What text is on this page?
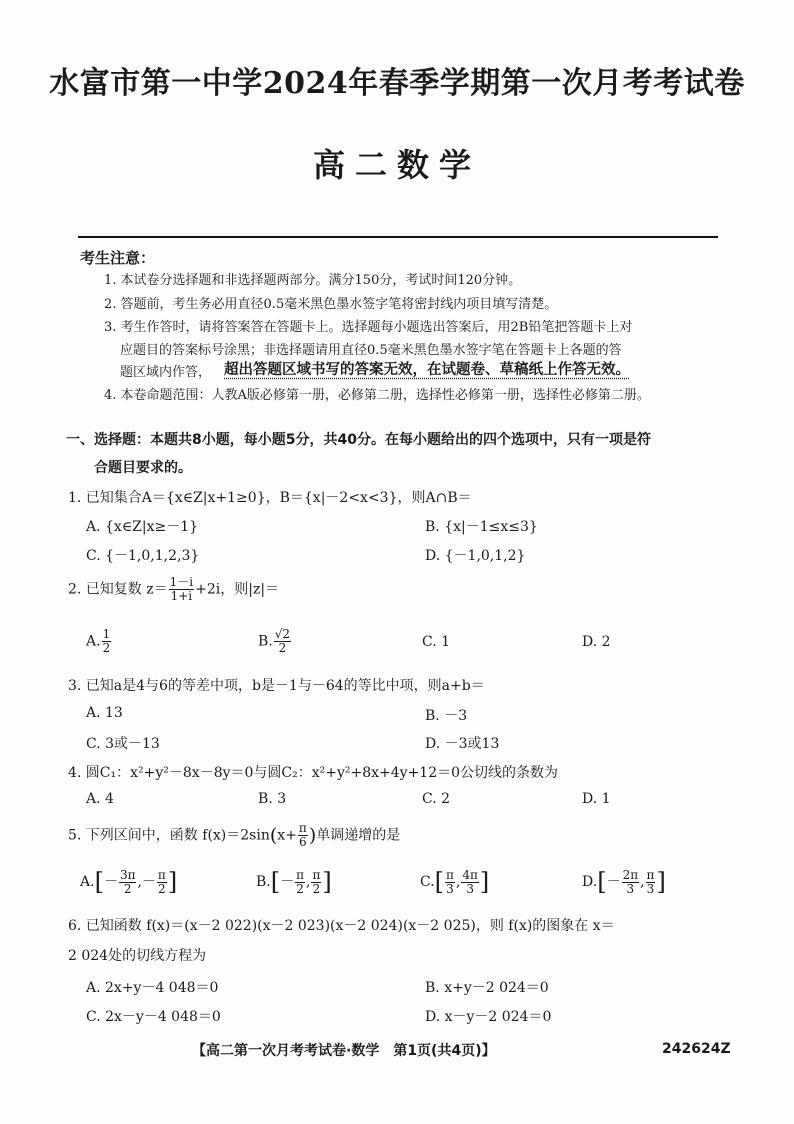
水富市第一中学2024年春季学期第一次月考考试卷
高二数学
考生注意：
1. 本试卷分选择题和非选择题两部分。满分150分，考试时间120分钟。
2. 答题前，考生务必用直径0.5毫米黑色墨水签字笔将密封线内项目填写清楚。
3. 考生作答时，请将答案答在答题卡上。选择题每小题选出答案后，用2B铅笔把答题卡上对
应题目的答案标号涂黑；非选择题请用直径0.5毫米黑色墨水签字笔在答题卡上各题的答
题区域内作答， 超出答题区域书写的答案无效，在试题卷、草稿纸上作答无效。
4. 本卷命题范围：人教A版必修第一册，必修第二册，选择性必修第一册，选择性必修第二册。
一、选择题：本题共8小题，每小题5分，共40分。在每小题给出的四个选项中，只有一项是符
合题目要求的。
1. 已知集合A＝{x∈Z|x+1≥0}，B＝{x|－2<x<3}，则A∩B＝
A. {x∈Z|x≥－1}	B. {x|－1≤x≤3}
C. {－1,0,1,2,3}	D. {－1,0,1,2}
2. 已知复数 $z= \frac{1-i}{1+i} +2i$，则|z|＝
A. $\frac{1}{2}$	B. $\frac{√2}{2}$	C. 1	D. 2
3. 已知a是4与6的等差中项，b是－1与－64的等比中项，则a+b＝
A. 13	B. －3
C. 3或－13	D. －3或13
4. 圆C₁：x²+y²－8x－8y＝0与圆C₂：x²+y²+8x+4y+12＝0公切线的条数为
A. 4	B. 3	C. 2	D. 1
5. 下列区间中，函数 $f(x)=2\sin(x+ \frac{\pi}{6}$ )单调递增的是
$A.[- \frac{3\pi}{2}$ ,－ $\frac{\pi}{2}$ ]	$B.[- \frac{\pi}{2}$ , $\frac{\pi}{2}$ ]	$C.[ \frac{\pi}{3}$ , $\frac{4\pi}{3}$ ]	$D.[- \frac{2\pi}{3}$ , $\frac{\pi}{3}$ ]
6. 已知函数 f(x)＝(x－2 022)(x－2 023)(x－2 024)(x－2 025)，则 f(x)的图象在 x＝
2 024处的切线方程为
A. 2x+y－4 048＝0	B. x+y－2 024＝0
C. 2x－y－4 048＝0	D. x－y－2 024＝0
【高二第一次月考考试卷·数学　第1页(共4页)】	242624Z
